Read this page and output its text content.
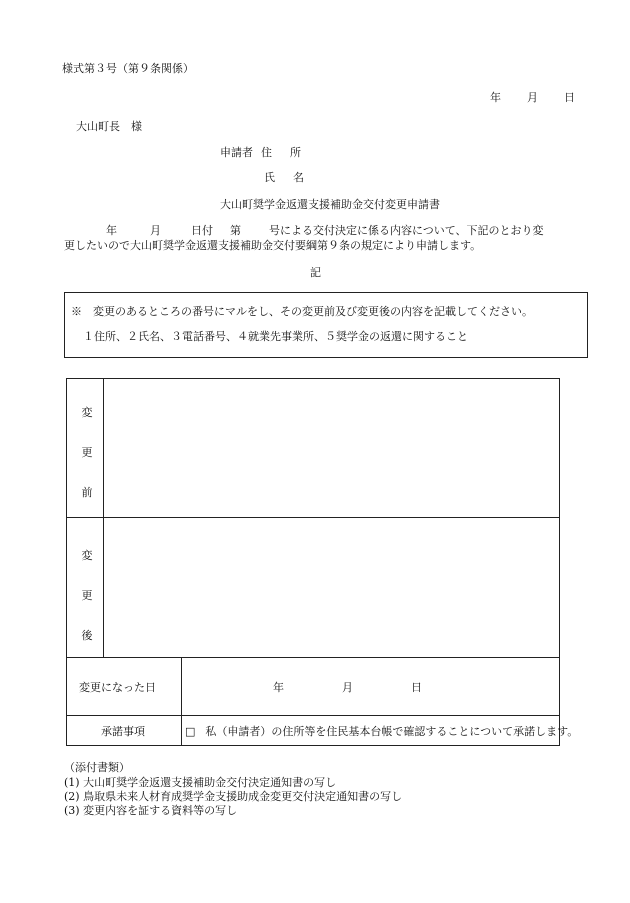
様式第３号（第９条関係）
年 月 日
大山町長　様
申請者 住 所
氏 名
大山町奨学金返還支援補助金交付変更申請書
年	月	日付 第	号による交付決定に係る内容について、下記のとおり変
更したいので大山町奨学金返還支援補助金交付要綱第９条の規定により申請します。
記
※　変更のあるところの番号にマルをし、その変更前及び変更後の内容を記載してください。
１住所、２氏名、３電話番号、４就業先事業所、５奨学金の返還に関すること
変
更
前
変
更
後
変更になった日	年	月	日
承諾事項	□ 私（申請者）の住所等を住民基本台帳で確認することについて承諾します。
（添付書類）
(1) 大山町奨学金返還支援補助金交付決定通知書の写し
(2) 鳥取県未来人材育成奨学金支援助成金変更交付決定通知書の写し
(3) 変更内容を証する資料等の写し
